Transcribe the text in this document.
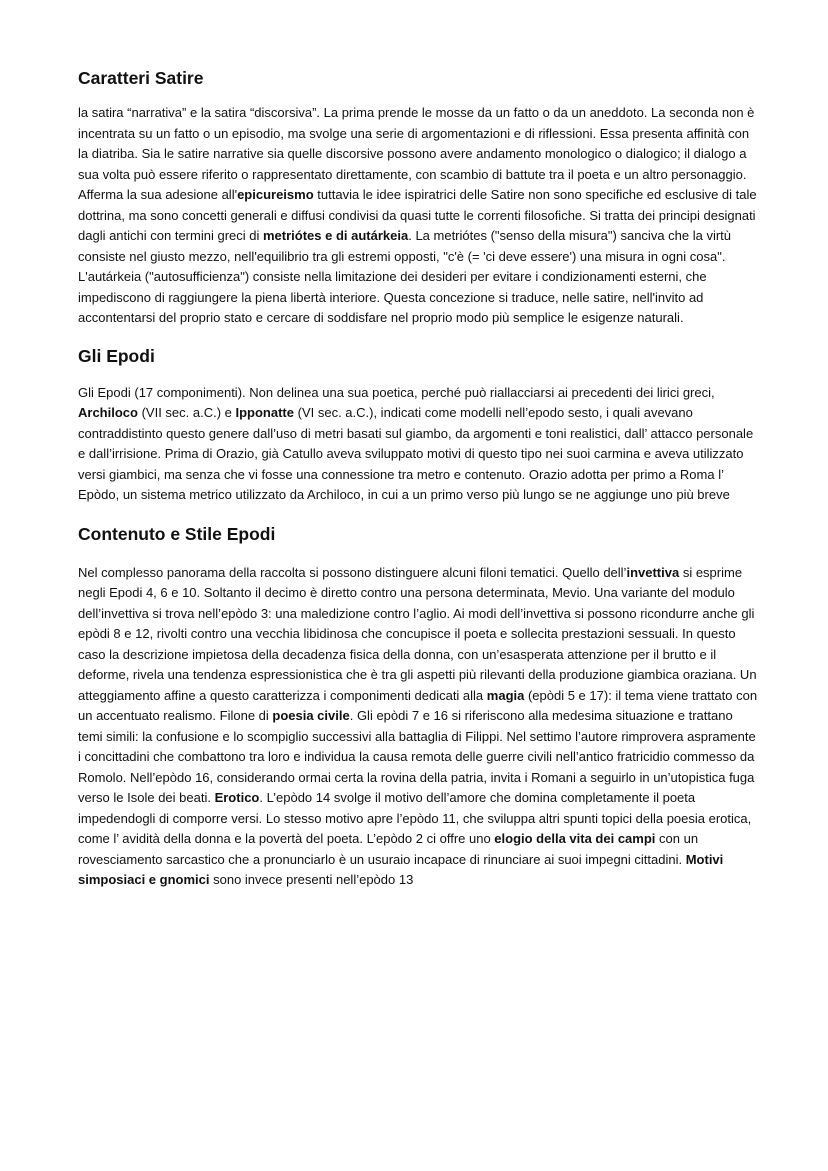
Caratteri Satire

la satira “narrativa” e la satira “discorsiva”. La prima prende le mosse da un fatto o da un aneddoto. La seconda non è incentrata su un fatto o un episodio, ma svolge una serie di argomentazioni e di riflessioni. Essa presenta affinità con la diatriba. Sia le satire narrative sia quelle discorsive possono avere andamento monologico o dialogico; il dialogo a sua volta può essere riferito o rappresentato direttamente, con scambio di battute tra il poeta e un altro personaggio. Afferma la sua adesione all'epicureismo tuttavia le idee ispiratrici delle Satire non sono specifiche ed esclusive di tale dottrina, ma sono concetti generali e diffusi condivisi da quasi tutte le correnti filosofiche. Si tratta dei principi designati dagli antichi con termini greci di metriótes e di autárkeia. La metriótes ("senso della misura") sanciva che la virtù consiste nel giusto mezzo, nell'equilibrio tra gli estremi opposti, "c'è (= 'ci deve essere') una misura in ogni cosa". L'autárkeia ("autosufficienza") consiste nella limitazione dei desideri per evitare i condizionamenti esterni, che impediscono di raggiungere la piena libertà interiore. Questa concezione si traduce, nelle satire, nell'invito ad accontentarsi del proprio stato e cercare di soddisfare nel proprio modo più semplice le esigenze naturali.

Gli Epodi

Gli Epodi (17 componimenti). Non delinea una sua poetica, perché può riallacciarsi ai precedenti dei lirici greci, Archiloco (VII sec. a.C.) e Ipponatte (VI sec. a.C.), indicati come modelli nell’epodo sesto, i quali avevano contraddistinto questo genere dall’uso di metri basati sul giambo, da argomenti e toni realistici, dall’ attacco personale e dall’irrisione. Prima di Orazio, già Catullo aveva sviluppato motivi di questo tipo nei suoi carmina e aveva utilizzato versi giambici, ma senza che vi fosse una connessione tra metro e contenuto. Orazio adotta per primo a Roma l’ Epòdo, un sistema metrico utilizzato da Archiloco, in cui a un primo verso più lungo se ne aggiunge uno più breve

Contenuto e Stile Epodi

Nel complesso panorama della raccolta si possono distinguere alcuni filoni tematici. Quello dell’invettiva si esprime negli Epodi 4, 6 e 10. Soltanto il decimo è diretto contro una persona determinata, Mevio. Una variante del modulo dell’invettiva si trova nell’epòdo 3: una maledizione contro l’aglio. Ai modi dell’invettiva si possono ricondurre anche gli epòdi 8 e 12, rivolti contro una vecchia libidinosa che concupisce il poeta e sollecita prestazioni sessuali. In questo caso la descrizione impietosa della decadenza fisica della donna, con un’esasperata attenzione per il brutto e il deforme, rivela una tendenza espressionistica che è tra gli aspetti più rilevanti della produzione giambica oraziana. Un atteggiamento affine a questo caratterizza i componimenti dedicati alla magia (epòdi 5 e 17): il tema viene trattato con un accentuato realismo. Filone di poesia civile. Gli epòdi 7 e 16 si riferiscono alla medesima situazione e trattano temi simili: la confusione e lo scompiglio successivi alla battaglia di Filippi. Nel settimo l’autore rimprovera aspramente i concittadini che combattono tra loro e individua la causa remota delle guerre civili nell’antico fratricidio commesso da Romolo. Nell’epòdo 16, considerando ormai certa la rovina della patria, invita i Romani a seguirlo in un’utopistica fuga verso le Isole dei beati. Erotico. L’epòdo 14 svolge il motivo dell’amore che domina completamente il poeta impedendogli di comporre versi. Lo stesso motivo apre l’epòdo 11, che sviluppa altri spunti topici della poesia erotica, come l’ avidità della donna e la povertà del poeta. L’epòdo 2 ci offre uno elogio della vita dei campi con un rovesciamento sarcastico che a pronunciarlo è un usuraio incapace di rinunciare ai suoi impegni cittadini. Motivi simposiaci e gnomici sono invece presenti nell’epòdo 13
